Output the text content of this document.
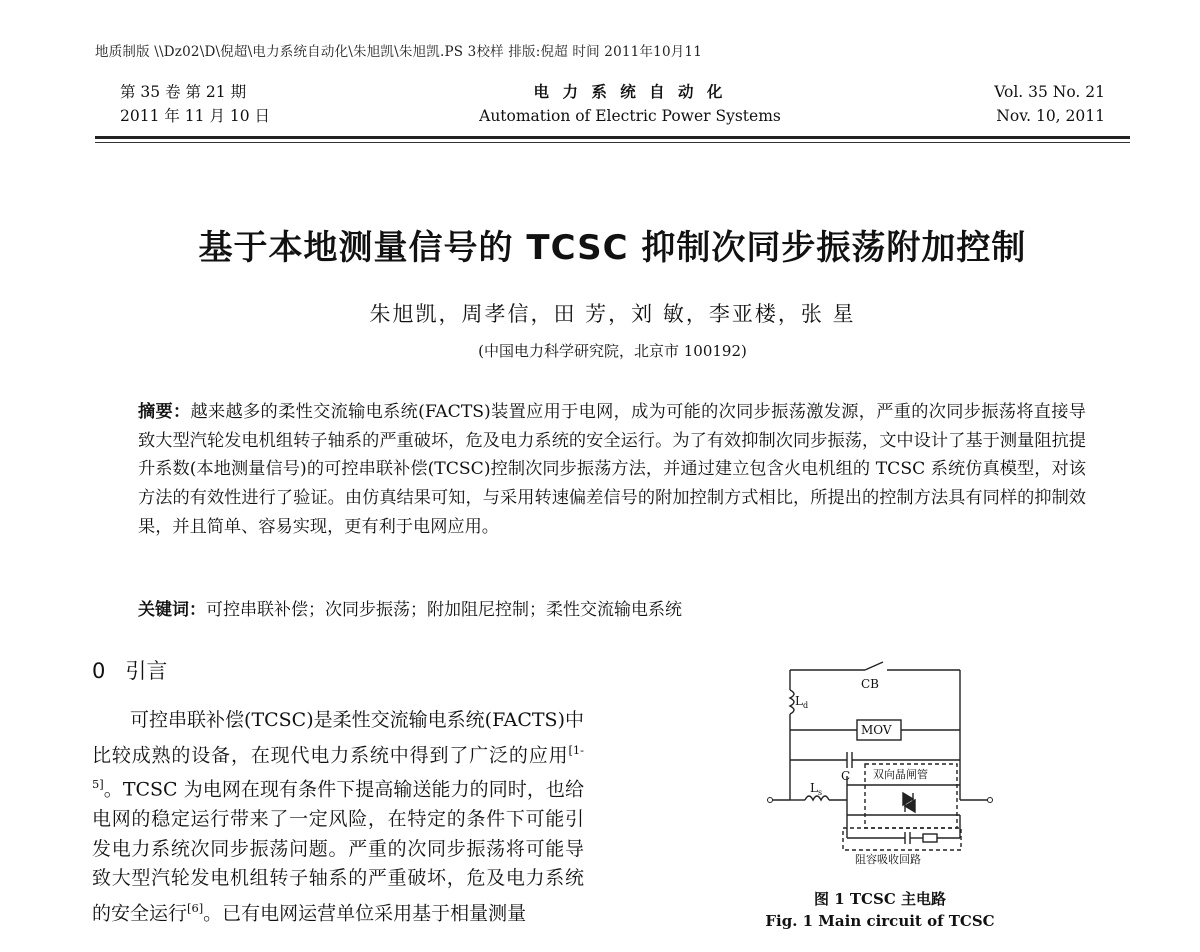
地质制版 \\Dz02\D\倪超\电力系统自动化\朱旭凯\朱旭凯.PS 3校样 排版:倪超 时间 2011年10月11
第 35 卷 第 21 期
2011 年 11 月 10 日
电 力 系 统 自 动 化
Automation of Electric Power Systems
Vol. 35 No. 21
Nov. 10, 2011
基于本地测量信号的 TCSC 抑制次同步振荡附加控制
朱旭凯，周孝信，田 芳，刘 敏，李亚楼，张 星
(中国电力科学研究院，北京市 100192)
摘要：越来越多的柔性交流输电系统(FACTS)装置应用于电网，成为可能的次同步振荡激发源，严重的次同步振荡将直接导致大型汽轮发电机组转子轴系的严重破坏，危及电力系统的安全运行。为了有效抑制次同步振荡，文中设计了基于测量阻抗提升系数(本地测量信号)的可控串联补偿(TCSC)控制次同步振荡方法，并通过建立包含火电机组的 TCSC 系统仿真模型，对该方法的有效性进行了验证。由仿真结果可知，与采用转速偏差信号的附加控制方式相比，所提出的控制方法具有同样的抑制效果，并且简单、容易实现，更有利于电网应用。
关键词：可控串联补偿；次同步振荡；附加阻尼控制；柔性交流输电系统
0 引言

可控串联补偿(TCSC)是柔性交流输电系统(FACTS)中比较成熟的设备，在现代电力系统中得到了广泛的应用[1-5]。TCSC 为电网在现有条件下提高输送能力的同时，也给电网的稳定运行带来了一定风险，在特定的条件下可能引发电力系统次同步振荡问题。严重的次同步振荡将可能导致大型汽轮发电机组转子轴系的严重破坏，危及电力系统的安全运行[6]。已有电网运营单位采用基于相量测量

CB
$L_d$
MOV
C 双向晶闸管
$L_s$
阻容吸收回路
图 1 TCSC 主电路
Fig. 1 Main circuit of TCSC
